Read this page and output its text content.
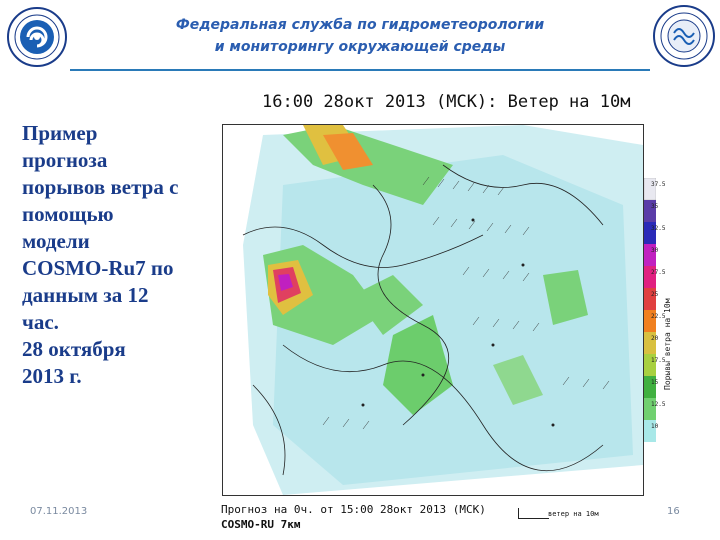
Федеральная служба по гидрометеорологии
и мониторингу окружающей среды
Пример
прогноза
порывов ветра с
помощью
модели
COSMO-Ru7 по
данным за 12
час.
28 октября
2013 г.
16:00 28окт 2013 (МСК): Ветер на 10м
37.5
35
32.5
30
27.5
25
22.5
20
17.5
15
12.5
10
Порывы ветра на 10м
Прогноз на 0ч. от 15:00 28окт 2013 (МСК)
COSMO-RU 7км
ветер на 10м
07.11.2013	16
